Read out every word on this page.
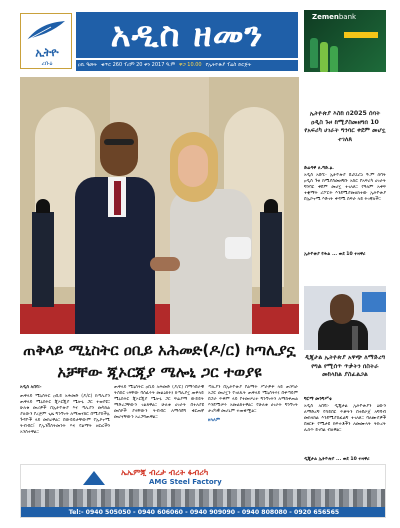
ኢትዮ
ረቡዕ
አዲስ ዘመን
ዐቢ ዓመት ቁጥር 260 ፕሪም 20 ቀን 2017 ዓ.ም ዋጋ 10.00 የኢትዮጵያ ፕሬስ ድርጅት
Zemenbank
ጠቅላይ ሚኒስትር ዐቢይ አሕመድ(ዶ/ር) ከጣሊያኗ አቻቸው ጂኦርጂያ ሜሎኒ ጋር ተወያዩ
አዲስ አበባ፡-
ጠቅላይ ሚኒስትር ዐቢይ አሕመድ (ዶ/ር) ከጣሊያን ጠቅላይ ሚኒስትር ጂኦርጂያ ሜሎኒ ጋር ተወያዩ። ሁለቱ መሪዎች በኢትዮጵያ እና ጣሊያን መካከል ያለውን የረጅም ጊዜ ግንኙነት ለማጠናከር በሚያስችሉ ጉዳዮች ላይ መክረዋል። በውይይታቸውም የኢኮኖሚ ትብብር፣ የኢንቨስትመንት እና የልማት ዘርፎችን አንስተዋል።
ጠቅላይ ሚኒስትር ዐቢይ አሕመድ (ዶ/ር) በማኅበራዊ ትስስር ገጻቸው ባሰፈሩት መልዕክት፤ ከጣሊያኗ ጠቅላይ ሚኒስትር ጂኦርጂያ ሜሎኒ ጋር ፍሬያማ ውይይት ማድረጋቸውን ገልጸዋል። ሁለቱ ሀገራት በተለያዩ መስኮች ያላቸውን ትብብር ለማሳደግ ቁርጠኛ መሆናቸውን አረጋግጠዋል።
ጣሊያን በኢትዮጵያ የልማት ሥራዎች ላይ ጠንካራ አጋር መሆኗን የገለጹት ጠቅላይ ሚኒስትሩ፤ በቀጣይም በጋራ ጥቅም ላይ የተመሠረተ ግንኙነትን ለማስቀጠል እንደሚሠሩ አመልክተዋል። የሁለቱ ሀገራት ግንኙነት ታሪካዊ መሆኑም ተጠቁሟል።
ዘላለም
ኢትዮጵያ እስከ በ2025 ሰባት ዐዲስ ጉዞ ከሚያስመዘግበ 10 የአፍሪካ ሀገራት ግንባር ቀደም መሆኗ ተገለጸ
ድሬዳዋ ለ.ግድ.ፅ.
አዲስ አበባ፡- ኢትዮጵያ በ2025 ዓ.ም ሰባት ዐዲስ ጉዞ ከሚያስመዘግቡ አስር የአፍሪካ ሀገራት ግንባር ቀደም መሆኗ ተገለጸ። የዓለም አቀፍ ተቋማት ሪፖርት እንደሚያመለክተው ኢትዮጵያ በኢኮኖሚ እድገት ቀዳሚ ስፍራ ላይ ትገኛለች።
ኢትዮጵያ የሕል ... ወደ 10 ተዛዋሪ
ዲጂታል ኢትዮጵያ አዋጭ ለማድረግ የግል የሚሰጥ ጥቃትን በስትራ መከላከል ያስፈልጋል
ግርማ መንግሥቴ
አዲስ አበባ፡- ዲጂታል ኢትዮጵያን ዕውን ለማድረግ የሳይበር ጥቃትን በተደራጀ አግባብ መከላከል እንደሚያስፈልግ ተገለጸ። ባለሙያዎች በዘርፉ የሚታዩ ክፍተቶችን ለመሙላት ትኩረት ሊሰጥ ይገባል ብለዋል።
ዲጂታል ኢትዮጵያ ... ወደ 10 ተዛዋሪ
ኤኤምጂ ብረታ ብረት ፋብሪካ
AMG Steel Factory
Tel:- 0940 505050 - 0940 606060 - 0940 909090 - 0940 808080 - 0920 656565
